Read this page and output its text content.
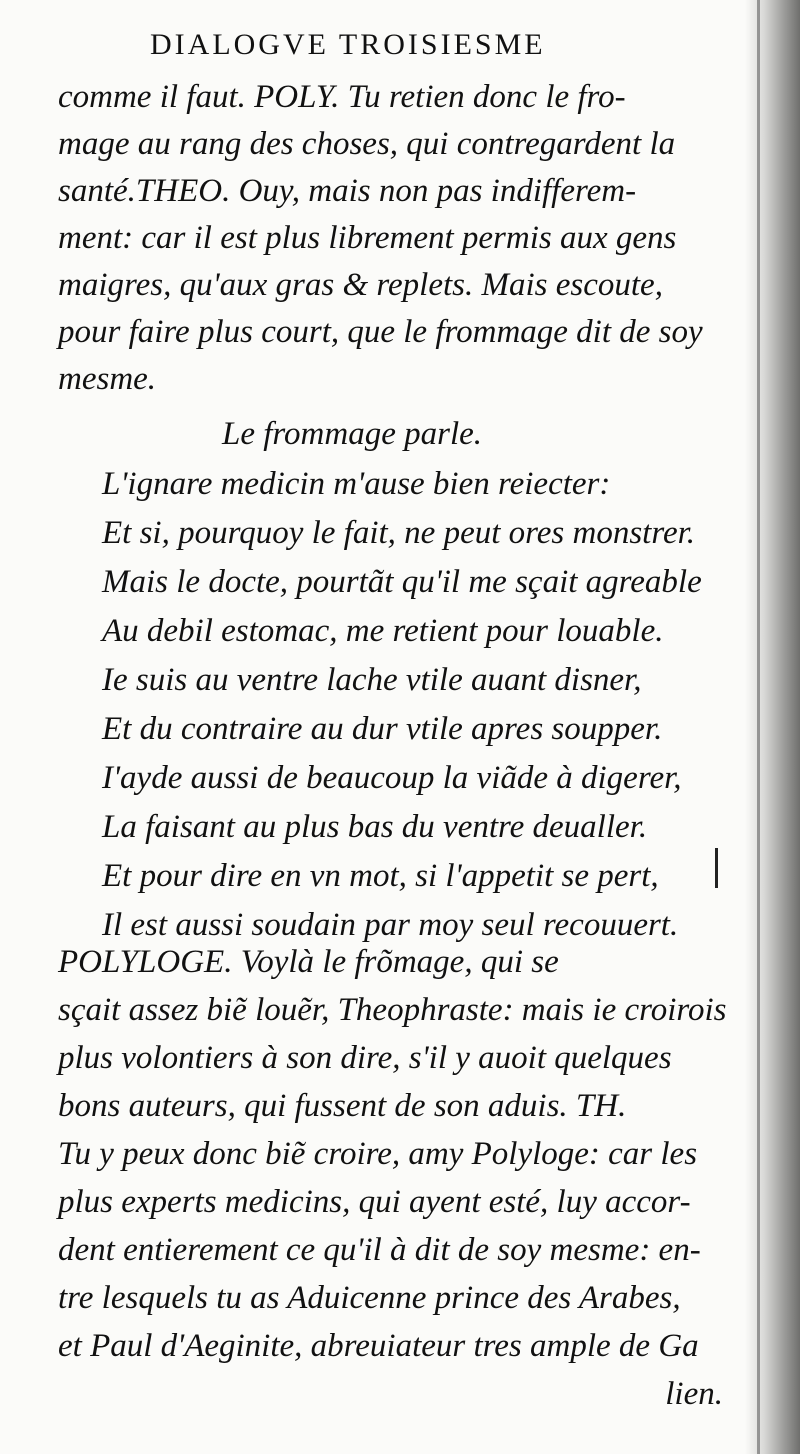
DIALOGVE TROISIESME
comme il faut. POLY. Tu retien donc le fro-
mage au rang des choses, qui contregardent la
santé.THEO. Ouy, mais non pas indifferem-
ment: car il est plus librement permis aux gens
maigres, qu'aux gras & replets. Mais escoute,
pour faire plus court, que le frommage dit de soy
mesme.
Le frommage parle.
L'ignare medicin m'ause bien reiecter:
Et si, pourquoy le fait, ne peut ores monstrer.
Mais le docte, pourtãt qu'il me sçait agreable
Au debil estomac, me retient pour louable.
Ie suis au ventre lache vtile auant disner,
Et du contraire au dur vtile apres soupper.
I'ayde aussi de beaucoup la viãde à digerer,
La faisant au plus bas du ventre deualler.
Et pour dire en vn mot, si l'appetit se pert,
Il est aussi soudain par moy seul recouuert.
POLYLOGE. Voylà le frõmage, qui se
sçait assez biẽ louẽr, Theophraste: mais ie croirois
plus volontiers à son dire, s'il y auoit quelques
bons auteurs, qui fussent de son aduis. TH.
Tu y peux donc biẽ croire, amy Polyloge: car les
plus experts medicins, qui ayent esté, luy accor-
dent entierement ce qu'il à dit de soy mesme: en-
tre lesquels tu as Aduicenne prince des Arabes,
et Paul d'Aeginite, abreuiateur tres ample de Ga
lien.
